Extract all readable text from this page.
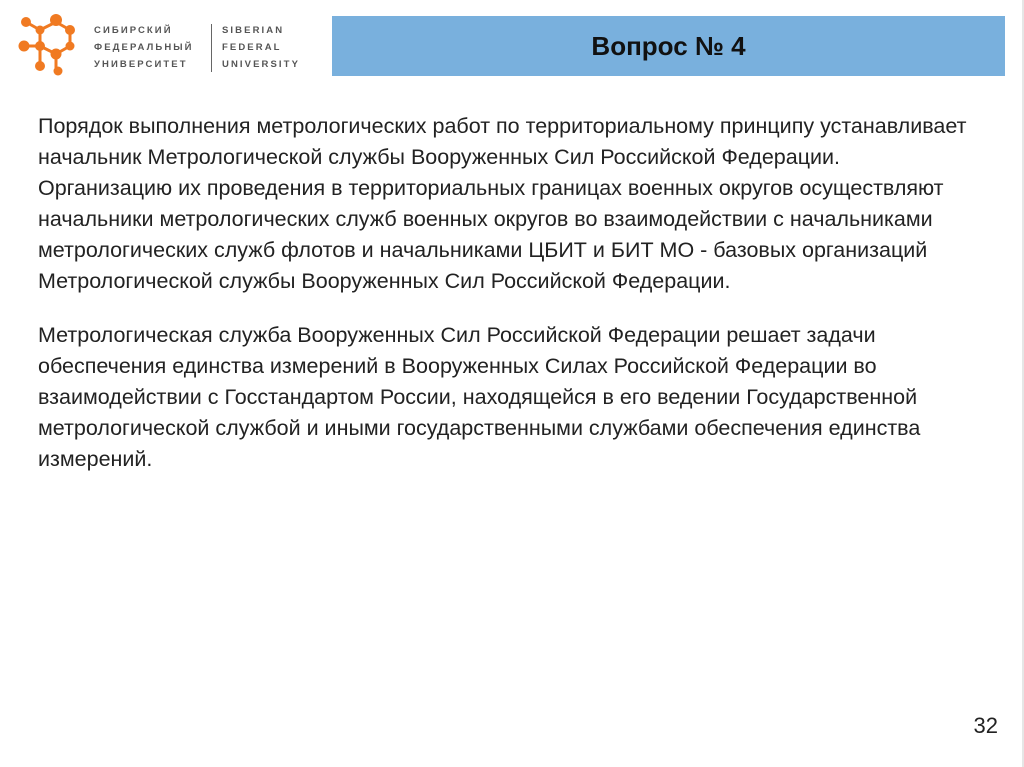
СИБИРСКИЙ
ФЕДЕРАЛЬНЫЙ
УНИВЕРСИТЕТ
SIBERIAN
FEDERAL
UNIVERSITY
Вопрос № 4

Порядок выполнения метрологических работ по территориальному принципу устанавливает начальник Метрологической службы Вооруженных Сил Российской Федерации. Организацию их проведения в территориальных границах военных округов осуществляют начальники метрологических служб военных округов во взаимодействии с начальниками метрологических служб флотов и начальниками ЦБИТ и БИТ МО - базовых организаций Метрологической службы Вооруженных Сил Российской Федерации.

Метрологическая служба Вооруженных Сил Российской Федерации решает задачи обеспечения единства измерений в Вооруженных Силах Российской Федерации во взаимодействии с Госстандартом России, находящейся в его ведении Государственной метрологической службой и иными государственными службами обеспечения единства измерений.

32
